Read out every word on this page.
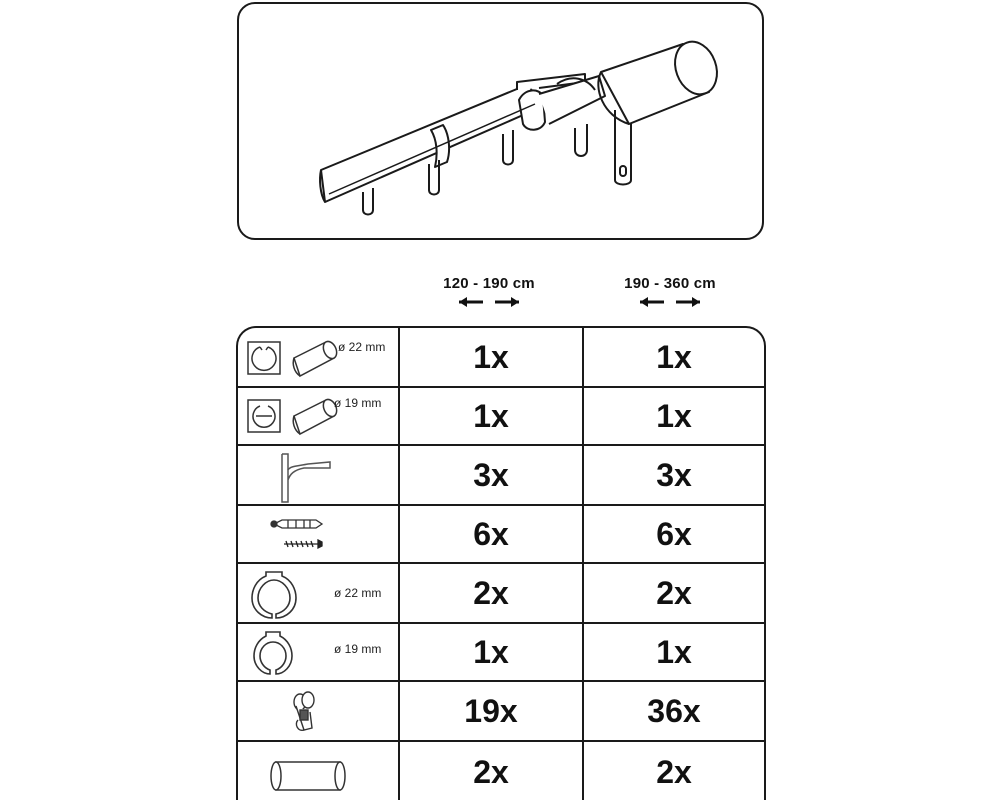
120 - 190 cm	190 - 360 cm
ø 22 mm	1x	1x
ø 19 mm	1x	1x
3x	3x
6x	6x
ø 22 mm	2x	2x
ø 19 mm	1x	1x
19x	36x
2x	2x
